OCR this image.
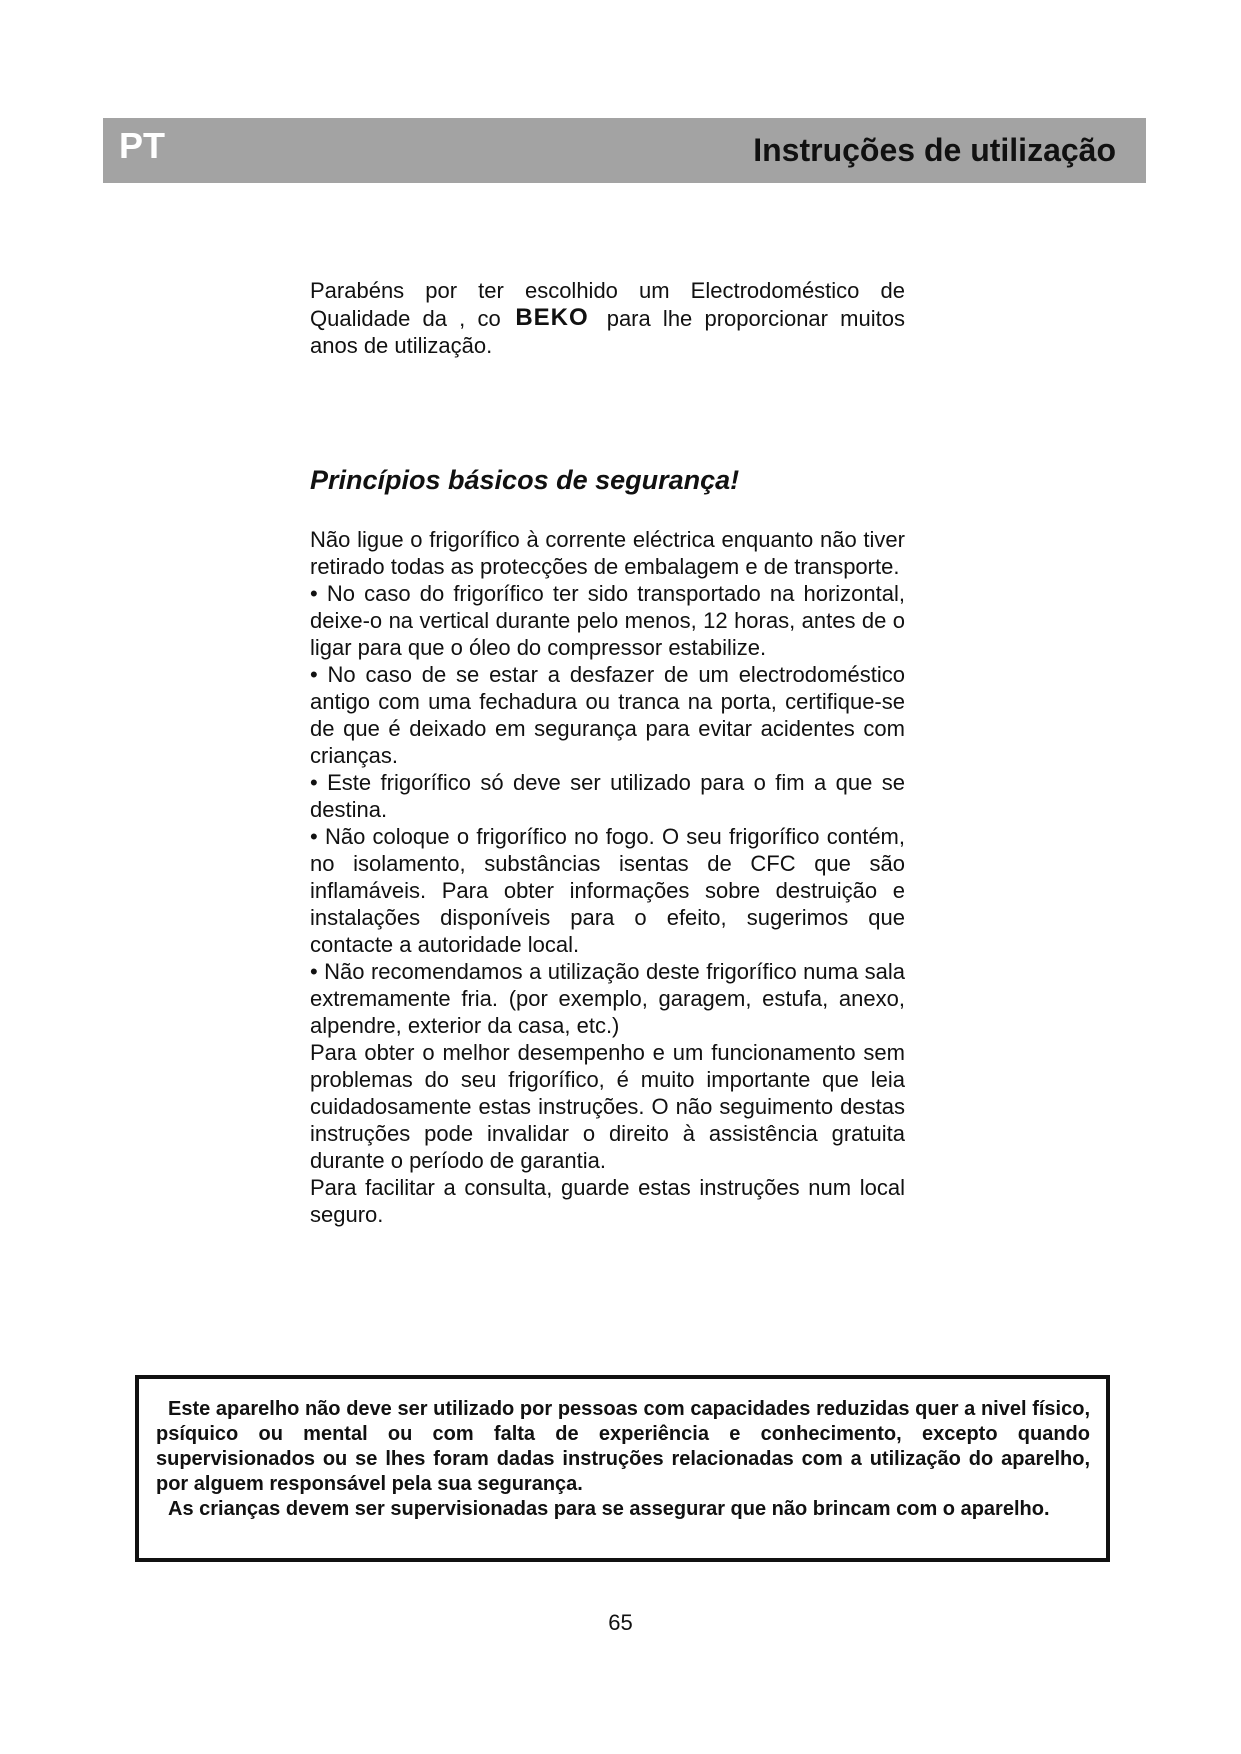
PT	Instruções de utilização
Parabéns por ter escolhido um Electrodoméstico de Qualidade da , co BEKO para lhe proporcionar muitos anos de utilização.
Princípios básicos de segurança!

Não ligue o frigorífico à corrente eléctrica enquanto não tiver retirado todas as protecções de embalagem e de transporte.

• No caso do frigorífico ter sido transportado na horizontal, deixe-o na vertical durante pelo menos, 12 horas, antes de o ligar para que o óleo do compressor estabilize.

• No caso de se estar a desfazer de um electrodoméstico antigo com uma fechadura ou tranca na porta, certifique-se de que é deixado em segurança para evitar acidentes com crianças.

• Este frigorífico só deve ser utilizado para o fim a que se destina.

• Não coloque o frigorífico no fogo. O seu frigorífico contém, no isolamento, substâncias isentas de CFC que são inflamáveis. Para obter informações sobre destruição e instalações disponíveis para o efeito, sugerimos que contacte a autoridade local.

• Não recomendamos a utilização deste frigorífico numa sala extremamente fria. (por exemplo, garagem, estufa, anexo, alpendre, exterior da casa, etc.)

Para obter o melhor desempenho e um funcionamento sem problemas do seu frigorífico, é muito importante que leia cuidadosamente estas instruções. O não seguimento destas instruções pode invalidar o direito à assistência gratuita durante o período de garantia.

Para facilitar a consulta, guarde estas instruções num local seguro.

Este aparelho não deve ser utilizado por pessoas com capacidades reduzidas quer a nivel físico, psíquico ou mental ou com falta de experiência e conhecimento, excepto quando supervisionados ou se lhes foram dadas instruções relacionadas com a utilização do aparelho, por alguem responsável pela sua segurança.

As crianças devem ser supervisionadas para se assegurar que não brincam com o aparelho.

65
